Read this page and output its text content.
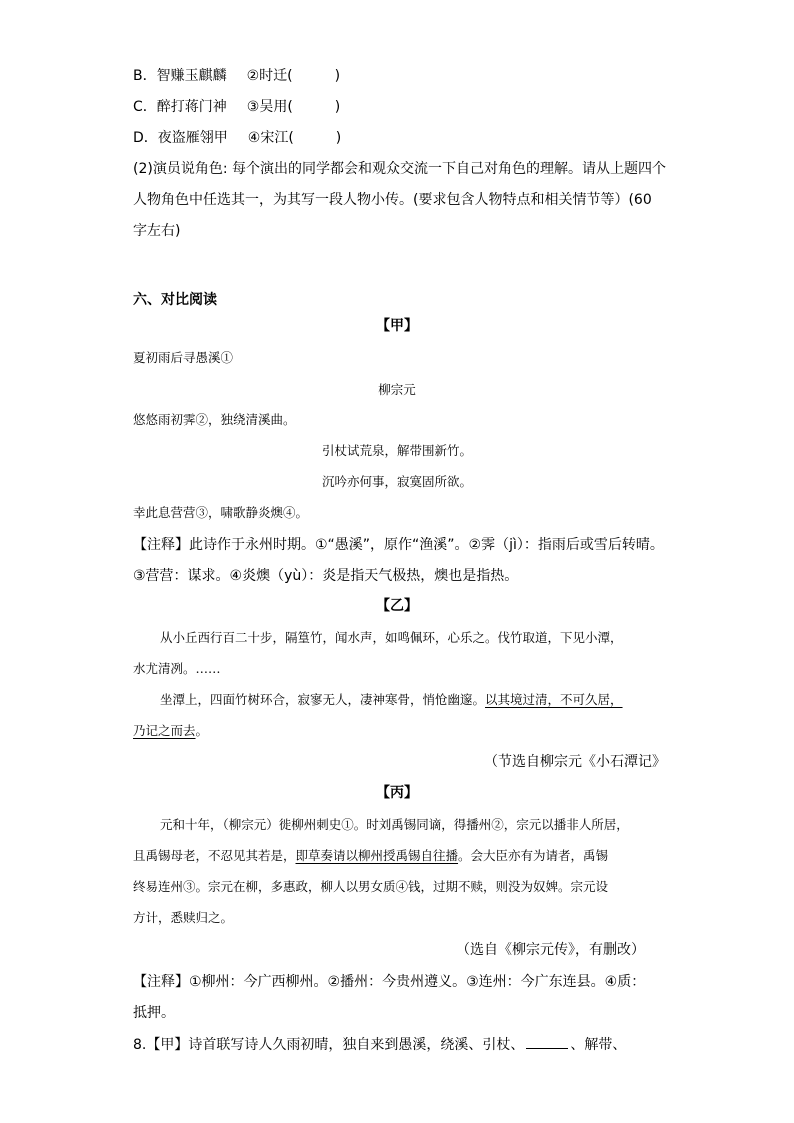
B．智赚玉麒麟 ②时迁(　　　)
C．醉打蒋门神 ③吴用(　　　)
D．夜盗雁翎甲 ④宋江(　　　)
(2)演员说角色: 每个演出的同学都会和观众交流一下自己对角色的理解。请从上题四个
人物角色中任选其一，为其写一段人物小传。(要求包含人物特点和相关情节等）(60
字左右)
六、对比阅读
【甲】
夏初雨后寻愚溪①
柳宗元
悠悠雨初霁②，独绕清溪曲。
引杖试荒泉，解带围新竹。
沉吟亦何事，寂寞固所欲。
幸此息营营③，啸歌静炎燠④。
【注释】此诗作于永州时期。①“愚溪”，原作“渔溪”。②霁（jì）：指雨后或雪后转晴。
③营营：谋求。④炎燠（yù）：炎是指天气极热，燠也是指热。
【乙】
从小丘西行百二十步，隔篁竹，闻水声，如鸣佩环，心乐之。伐竹取道，下见小潭，
水尤清冽。……
坐潭上，四面竹树环合，寂寥无人，凄神寒骨，悄怆幽邃。以其境过清，不可久居，
乃记之而去。
（节选自柳宗元《小石潭记》
【丙】
元和十年，（柳宗元）徙柳州刺史①。时刘禹锡同谪，得播州②，宗元以播非人所居，
且禹锡母老，不忍见其若是，即草奏请以柳州授禹锡自往播。会大臣亦有为请者，禹锡
终易连州③。宗元在柳，多惠政，柳人以男女质④钱，过期不赎，则没为奴婢。宗元设
方计，悉赎归之。
（选自《柳宗元传》，有删改）
【注释】①柳州：今广西柳州。②播州：今贵州遵义。③连州：今广东连县。④质：
抵押。
8.【甲】诗首联写诗人久雨初晴，独自来到愚溪，绕溪、引杖、	、解带、
